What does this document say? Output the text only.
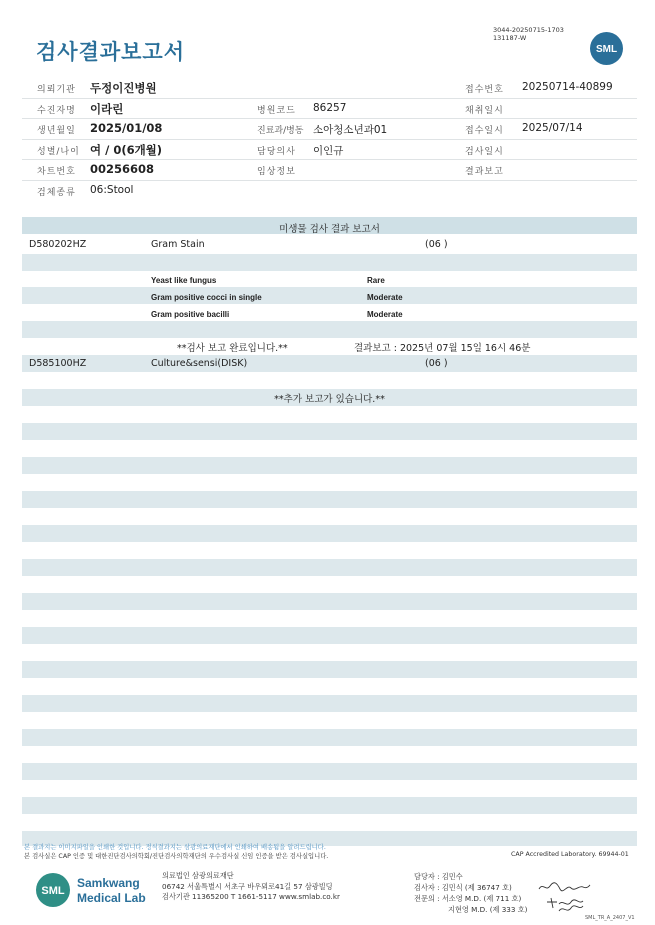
검사결과보고서
3044-20250715-1703
131187-W
SML
의뢰기관 두정이진병원	접수번호 20250714-40899
수진자명 이라린	병원코드 86257	채취일시
생년월일 2025/01/08	진료과/병동 소아청소년과01	접수일시 2025/07/14
성별/나이 여 / 0(6개월)	담당의사 이인규	검사일시
차트번호 00256608	임상정보	결과보고
검체종류 06:Stool
미생물 검사 결과 보고서
D580202HZ	Gram Stain	(06 )
Yeast like fungus	Rare
Gram positive cocci in single	Moderate
Gram positive bacilli	Moderate
**검사 보고 완료입니다.**	결과보고 : 2025년 07월 15일 16시 46분
D585100HZ	Culture&sensi(DISK)	(06 )
**추가 보고가 있습니다.**
본 결과지는 이미지파일을 인쇄한 것입니다. 정식결과지는 삼광의료재단에서 인쇄하여 배송됨을 알려드립니다.
본 검사실은 CAP 인증 및 대한진단검사의학회/진단검사의학재단의 우수검사실 신임 인증을 받은 검사실입니다.	CAP Accredited Laboratory. 69944-01
SML
Samkwang
Medical Lab
의료법인 삼광의료재단
06742 서울특별시 서초구 바우뫼로41길 57 삼광빌딩
검사기관 11365200 T 1661-5117 www.smlab.co.kr
담당자 : 김민수
검사자 : 김민식 (제 36747 호)
전문의 : 서소영 M.D. (제 711 호)
지현영 M.D. (제 333 호)
SML_TR_A_2407_V1
